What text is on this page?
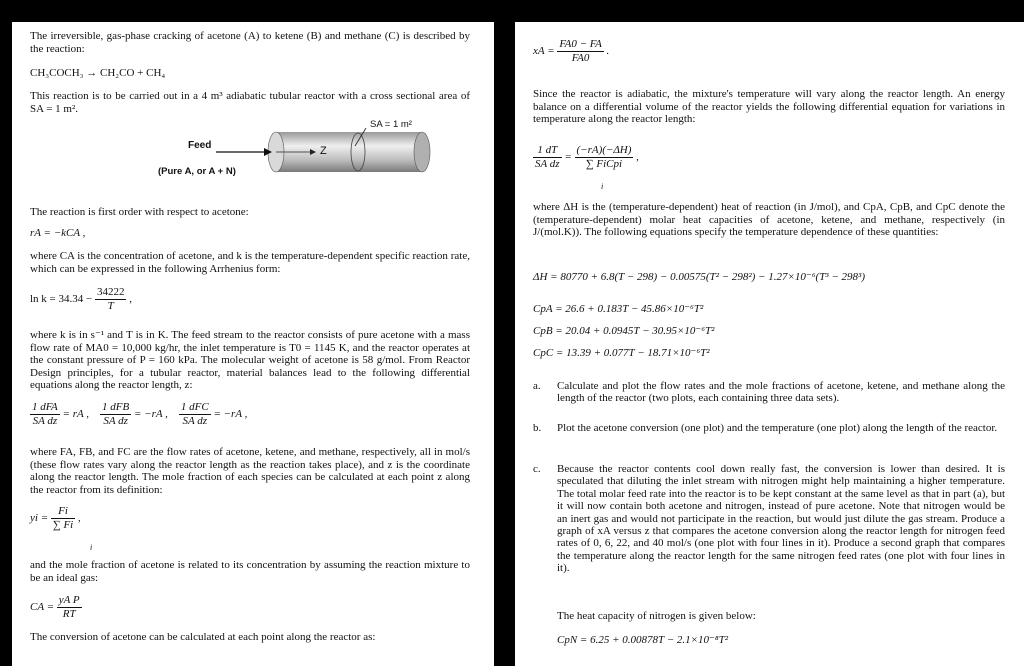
The irreversible, gas-phase cracking of acetone (A) to ketene (B) and methane (C) is described by the reaction:

CH₃COCH₃ → CH₂CO + CH₄

This reaction is to be carried out in a 4 m³ adiabatic tubular reactor with a cross sectional area of SA = 1 m².

Feed
(Pure A, or A + N)
Z
SA = 1 m²

The reaction is first order with respect to acetone:

rA = −kCA ,

where CA is the concentration of acetone, and k is the temperature-dependent specific reaction rate, which can be expressed in the following Arrhenius form:

$\ln k = 34.34 - \frac{34222}{T}$ ,

where k is in s⁻¹ and T is in K. The feed stream to the reactor consists of pure acetone with a mass flow rate of MA0 = 10,000 kg/hr, the inlet temperature is T0 = 1145 K, and the reactor operates at the constant pressure of P = 160 kPa. The molecular weight of acetone is 58 g/mol. From Reactor Design principles, for a tubular reactor, material balances lead to the following differential equations along the reactor length, z:

$\frac{\text{1 dFA}}{\text{SA dz}}$ = rA , $\frac{\text{1 dFB}}{\text{SA dz}} = -rA$ , $\frac{\text{1 dFC}}{\text{SA dz}} = -rA$ ,

where FA, FB, and FC are the flow rates of acetone, ketene, and methane, respectively, all in mol/s (these flow rates vary along the reactor length as the reaction takes place), and z is the coordinate along the reactor length. The mole fraction of each species can be calculated at each point z along the reactor from its definition:

yi = $\frac{Fi}{\sum Fi}$ ,
i

and the mole fraction of acetone is related to its concentration by assuming the reaction mixture to be an ideal gas:

CA = $\frac{\text{yA P}}{RT}$

The conversion of acetone can be calculated at each point along the reactor as:

xA = $\frac{FA0 - FA}{FA0}$ .

Since the reactor is adiabatic, the mixture's temperature will vary along the reactor length. An energy balance on a differential volume of the reactor yields the following differential equation for variations in temperature along the reactor length:

$\frac{1 dT}{\text{SA dz}} = \frac{(-rA)(-\Delta H)}{\text{∑ FiCpi}}$ ,
i

where ΔH is the (temperature-dependent) heat of reaction (in J/mol), and CpA, CpB, and CpC denote the (temperature-dependent) molar heat capacities of acetone, ketene, and methane, respectively (in J/(mol.K)). The following equations specify the temperature dependence of these quantities:

ΔH = 80770 + 6.8(T − 298) − 0.00575(T² − 298²) − 1.27×10⁻⁶(T³ − 298³)
CpA = 26.6 + 0.183T − 45.86×10⁻⁶T²
CpB = 20.04 + 0.0945T − 30.95×10⁻⁶T²
CpC = 13.39 + 0.077T − 18.71×10⁻⁶T²
a. Calculate and plot the flow rates and the mole fractions of acetone, ketene, and methane along the length of the reactor (two plots, each containing three data sets).
b. Plot the acetone conversion (one plot) and the temperature (one plot) along the length of the reactor.
c. Because the reactor contents cool down really fast, the conversion is lower than desired. It is speculated that diluting the inlet stream with nitrogen might help maintaining a higher temperature. The total molar feed rate into the reactor is to be kept constant at the same level as that in part (a), but it will now contain both acetone and nitrogen, instead of pure acetone. Note that nitrogen would be an inert gas and would not participate in the reaction, but would just dilute the gas stream. Produce a graph of xA versus z that compares the acetone conversion along the reactor length for nitrogen feed rates of 0, 6, 22, and 40 mol/s (one plot with four lines in it). Produce a second graph that compares the temperature along the reactor length for the same nitrogen feed rates (one plot with four lines in it).

The heat capacity of nitrogen is given below:

CpN = 6.25 + 0.00878T − 2.1×10⁻⁸T²
